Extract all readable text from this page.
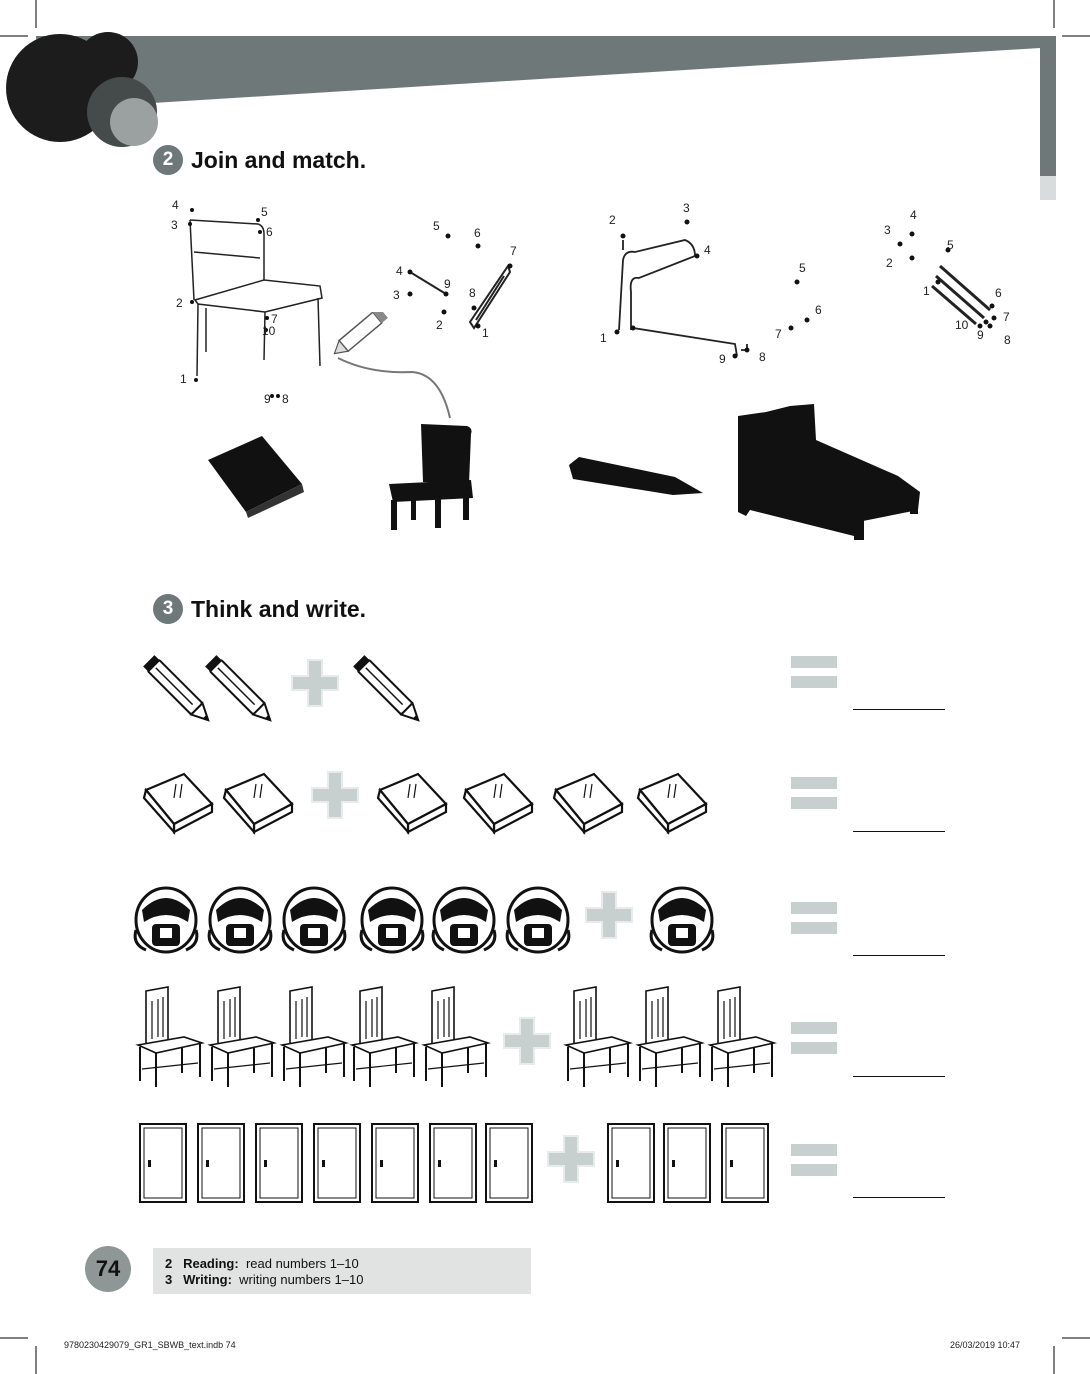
2 Join and match.
4
3
5
6
2
7
10
1
9 8
5	6
7
4
9
3	8
2
1
2
3
4
5
6
7
1
9	8
4
3
5
2
1	6
7
10
9 8
3 Think and write.
2 Reading: read numbers 1–10
3 Writing: writing numbers 1–10
74
9780230429079_GR1_SBWB_text.indb 74	26/03/2019 10:47
